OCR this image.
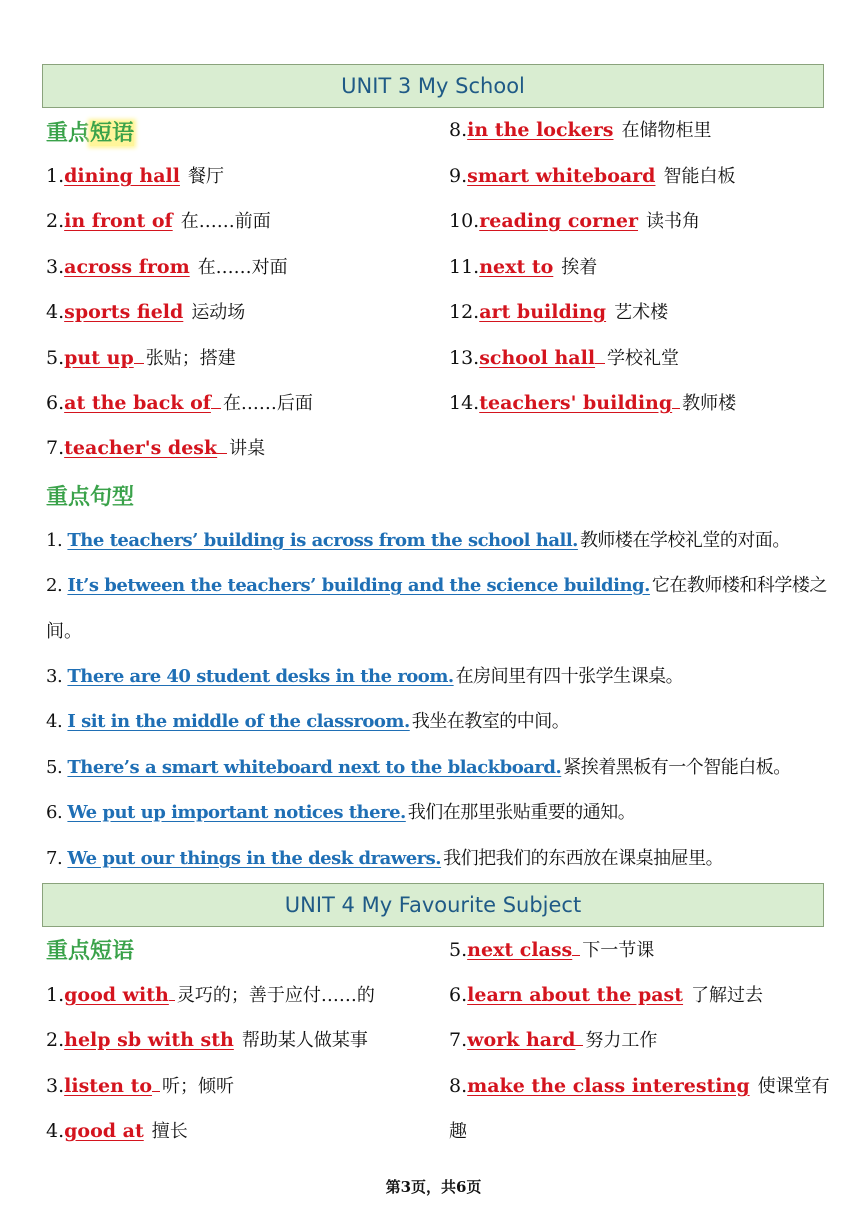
UNIT 3 My School
重点短语
1. dining hall 餐厅
2. in front of 在……前面
3. across from 在……对面
4. sports field 运动场
5. put up 张贴；搭建
6. at the back of 在……后面
7. teacher's desk 讲桌
8. in the lockers 在储物柜里
9. smart whiteboard 智能白板
10. reading corner 读书角
11. next to 挨着
12. art building 艺术楼
13. school hall 学校礼堂
14. teachers' building 教师楼
重点句型
1. The teachers’ building is across from the school hall. 教师楼在学校礼堂的对面。
2. It’s between the teachers’ building and the science building. 它在教师楼和科学楼之
间。
3. There are 40 student desks in the room. 在房间里有四十张学生课桌。
4. I sit in the middle of the classroom. 我坐在教室的中间。
5. There’s a smart whiteboard next to the blackboard. 紧挨着黑板有一个智能白板。
6. We put up important notices there. 我们在那里张贴重要的通知。
7. We put our things in the desk drawers. 我们把我们的东西放在课桌抽屉里。
UNIT 4 My Favourite Subject
重点短语
1. good with 灵巧的；善于应付……的
2. help sb with sth 帮助某人做某事
3. listen to 听；倾听
4. good at 擅长
5. next class 下一节课
6. learn about the past 了解过去
7. work hard 努力工作
8. make the class interesting 使课堂有
趣
第3页，共6页
